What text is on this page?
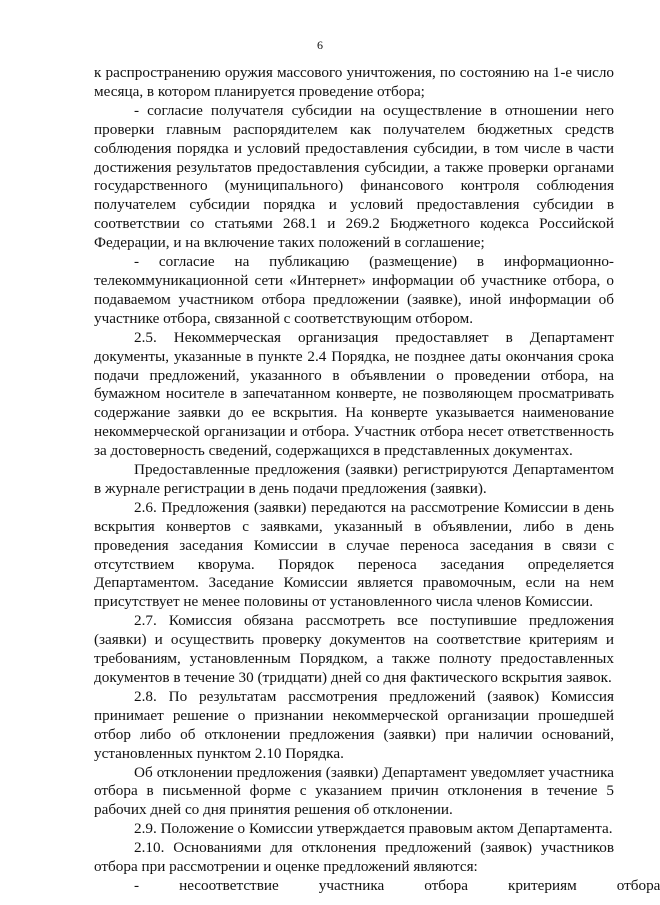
6

к распространению оружия массового уничтожения, по состоянию на 1-е число месяца, в котором планируется проведение отбора;

- согласие получателя субсидии на осуществление в отношении него проверки главным распорядителем как получателем бюджетных средств соблюдения порядка и условий предоставления субсидии, в том числе в части достижения результатов предоставления субсидии, а также проверки органами государственного (муниципального) финансового контроля соблюдения получателем субсидии порядка и условий предоставления субсидии в соответствии со статьями 268.1 и 269.2 Бюджетного кодекса Российской Федерации, и на включение таких положений в соглашение;

- согласие на публикацию (размещение) в информационно-телекоммуникационной сети «Интернет» информации об участнике отбора, о подаваемом участником отбора предложении (заявке), иной информации об участнике отбора, связанной с соответствующим отбором.

2.5. Некоммерческая организация предоставляет в Департамент документы, указанные в пункте 2.4 Порядка, не позднее даты окончания срока подачи предложений, указанного в объявлении о проведении отбора, на бумажном носителе в запечатанном конверте, не позволяющем просматривать содержание заявки до ее вскрытия. На конверте указывается наименование некоммерческой организации и отбора. Участник отбора несет ответственность за достоверность сведений, содержащихся в представленных документах.

Предоставленные предложения (заявки) регистрируются Департаментом в журнале регистрации в день подачи предложения (заявки).

2.6. Предложения (заявки) передаются на рассмотрение Комиссии в день вскрытия конвертов с заявками, указанный в объявлении, либо в день проведения заседания Комиссии в случае переноса заседания в связи с отсутствием кворума. Порядок переноса заседания определяется Департаментом. Заседание Комиссии является правомочным, если на нем присутствует не менее половины от установленного числа членов Комиссии.

2.7. Комиссия обязана рассмотреть все поступившие предложения (заявки) и осуществить проверку документов на соответствие критериям и требованиям, установленным Порядком, а также полноту предоставленных документов в течение 30 (тридцати) дней со дня фактического вскрытия заявок.

2.8. По результатам рассмотрения предложений (заявок) Комиссия принимает решение о признании некоммерческой организации прошедшей отбор либо об отклонении предложения (заявки) при наличии оснований, установленных пунктом 2.10 Порядка.

Об отклонении предложения (заявки) Департамент уведомляет участника отбора в письменной форме с указанием причин отклонения в течение 5 рабочих дней со дня принятия решения об отклонении.

2.9. Положение о Комиссии утверждается правовым актом Департамента.

2.10. Основаниями для отклонения предложений (заявок) участников отбора при рассмотрении и оценке предложений являются:

-	несоответствие	участника	отбора	критериям	отбора
